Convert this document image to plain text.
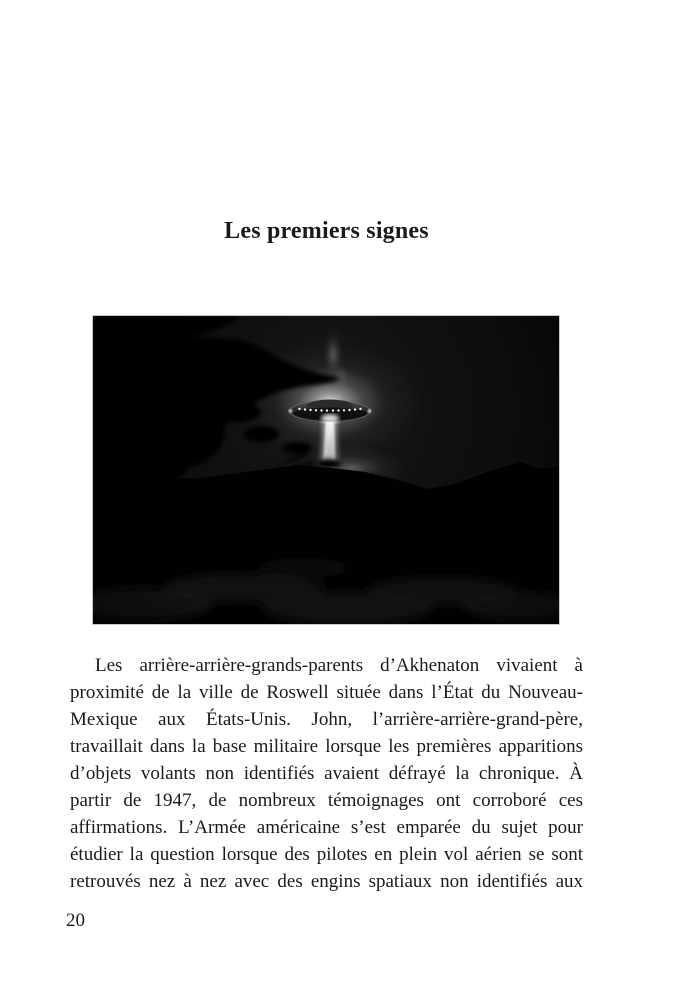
Les premiers signes
Les arrière-arrière-grands-parents d’Akhenaton vivaient à
proximité de la ville de Roswell située dans l’État du Nouveau-
Mexique aux États-Unis. John, l’arrière-arrière-grand-père,
travaillait dans la base militaire lorsque les premières apparitions
d’objets volants non identifiés avaient défrayé la chronique. À
partir de 1947, de nombreux témoignages ont corroboré ces
affirmations. L’Armée américaine s’est emparée du sujet pour
étudier la question lorsque des pilotes en plein vol aérien se sont
retrouvés nez à nez avec des engins spatiaux non identifiés aux
20
